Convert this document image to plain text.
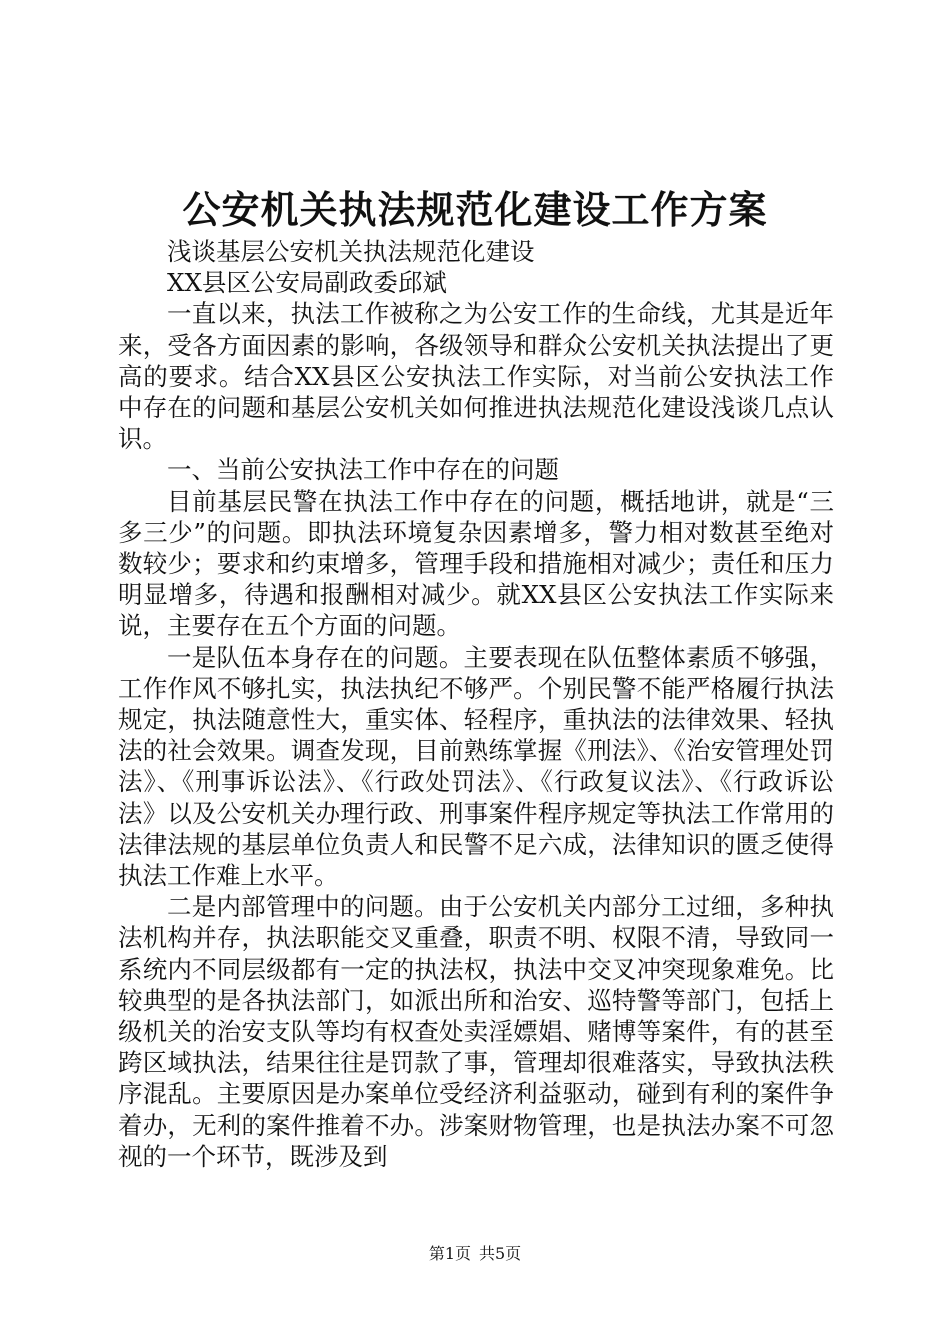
公安机关执法规范化建设工作方案

浅谈基层公安机关执法规范化建设

XX县区公安局副政委邱斌

一直以来，执法工作被称之为公安工作的生命线，尤其是近年来，受各方面因素的影响，各级领导和群众公安机关执法提出了更高的要求。结合XX县区公安执法工作实际，对当前公安执法工作中存在的问题和基层公安机关如何推进执法规范化建设浅谈几点认识。

一、当前公安执法工作中存在的问题

目前基层民警在执法工作中存在的问题，概括地讲，就是“三多三少”的问题。即执法环境复杂因素增多，警力相对数甚至绝对数较少；要求和约束增多，管理手段和措施相对减少；责任和压力明显增多，待遇和报酬相对减少。就XX县区公安执法工作实际来说，主要存在五个方面的问题。

一是队伍本身存在的问题。主要表现在队伍整体素质不够强，工作作风不够扎实，执法执纪不够严。个别民警不能严格履行执法规定，执法随意性大，重实体、轻程序，重执法的法律效果、轻执法的社会效果。调查发现，目前熟练掌握《刑法》、《治安管理处罚法》、《刑事诉讼法》、《行政处罚法》、《行政复议法》、《行政诉讼法》以及公安机关办理行政、刑事案件程序规定等执法工作常用的法律法规的基层单位负责人和民警不足六成，法律知识的匮乏使得执法工作难上水平。

二是内部管理中的问题。由于公安机关内部分工过细，多种执法机构并存，执法职能交叉重叠，职责不明、权限不清，导致同一系统内不同层级都有一定的执法权，执法中交叉冲突现象难免。比较典型的是各执法部门，如派出所和治安、巡特警等部门，包括上级机关的治安支队等均有权查处卖淫嫖娼、赌博等案件，有的甚至跨区域执法，结果往往是罚款了事，管理却很难落实，导致执法秩序混乱。主要原因是办案单位受经济利益驱动，碰到有利的案件争着办，无利的案件推着不办。涉案财物管理，也是执法办案不可忽视的一个环节，既涉及到

第1页 共5页
